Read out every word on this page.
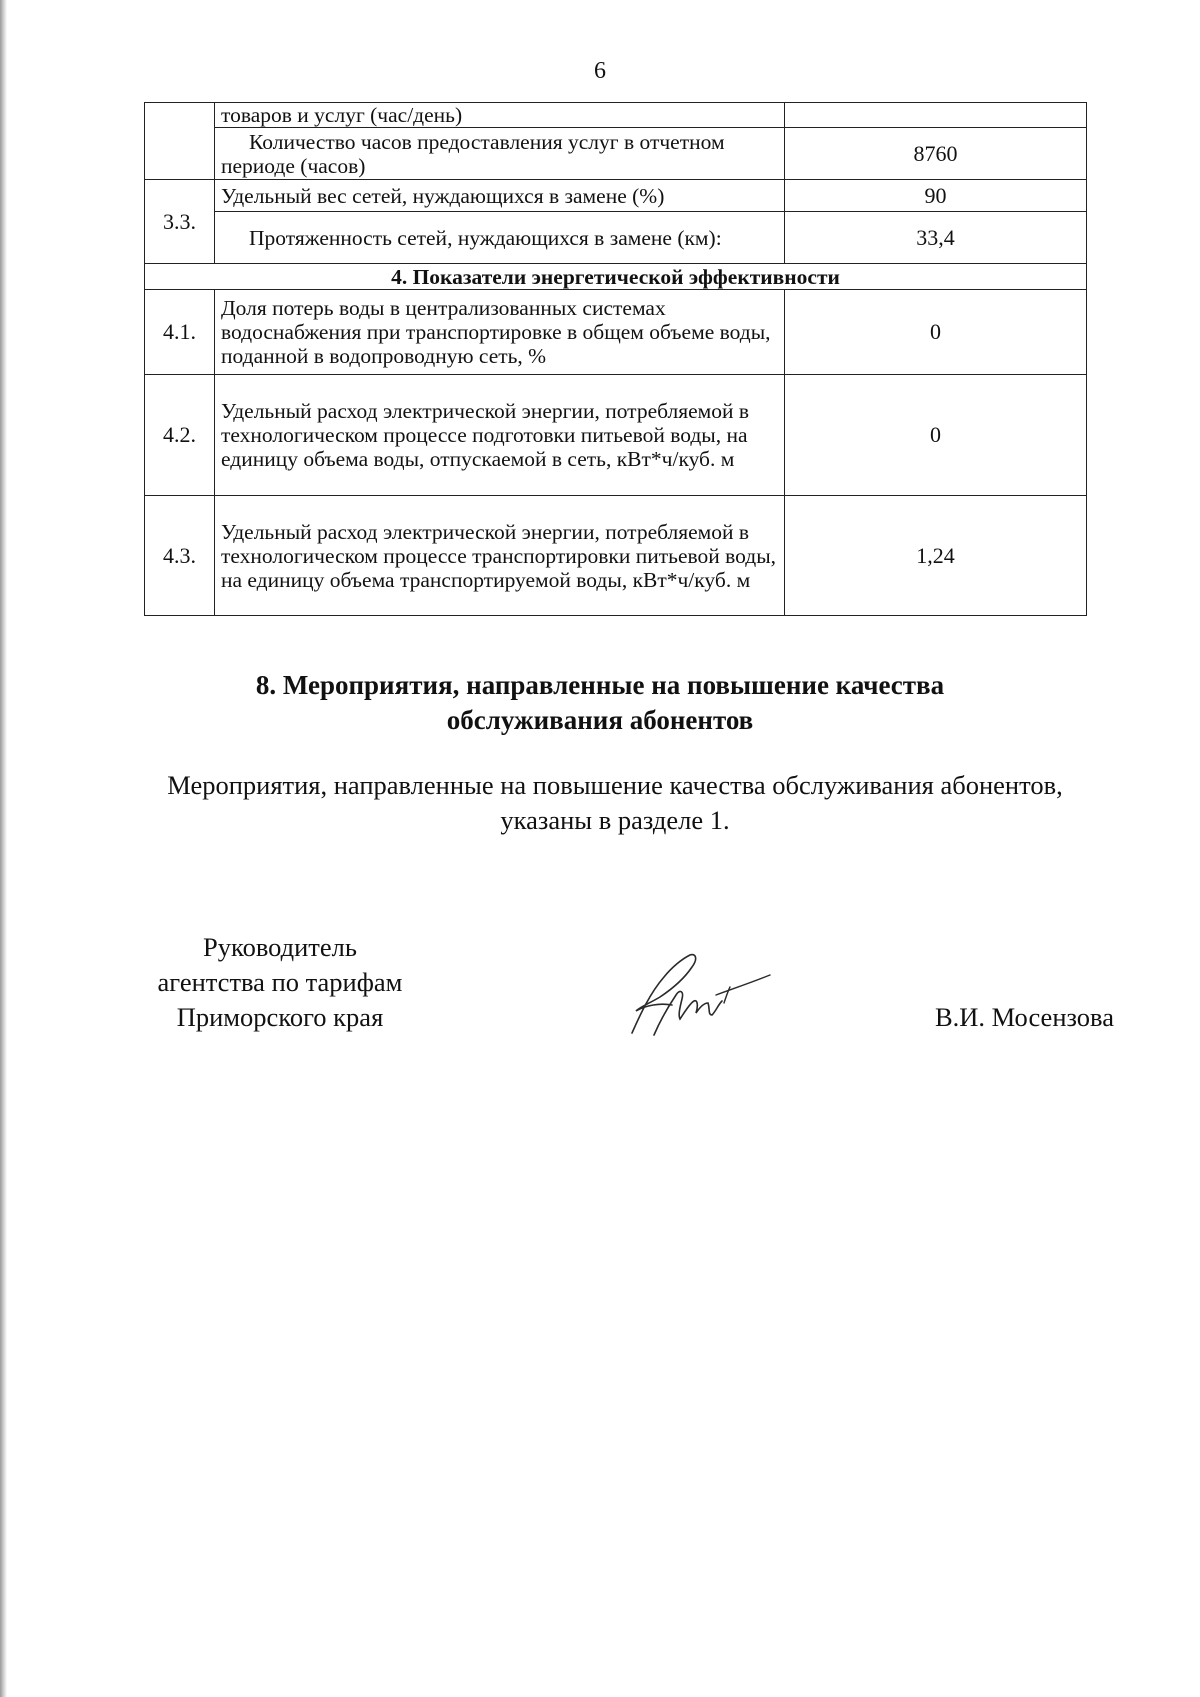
6
	товаров и услуг (час/день)	
	Количество часов предоставления услуг в отчетном периоде (часов)	8760
3.3.	Удельный вес сетей, нуждающихся в замене (%)	90
	Протяженность сетей, нуждающихся в замене (км):	33,4
4. Показатели энергетической эффективности		
4.1.	Доля потерь воды в централизованных системах водоснабжения при транспортировке в общем объеме воды, поданной в водопроводную сеть, %	0
4.2.	Удельный расход электрической энергии, потребляемой в технологическом процессе подготовки питьевой воды, на единицу объема воды, отпускаемой в сеть, кВт*ч/куб. м	0
4.3.	Удельный расход электрической энергии, потребляемой в технологическом процессе транспортировки питьевой воды, на единицу объема транспортируемой воды, кВт*ч/куб. м	1,24
8. Мероприятия, направленные на повышение качества
обслуживания абонентов
Мероприятия, направленные на повышение качества обслуживания абонентов,
указаны в разделе 1.
Руководитель
агентства по тарифам
Приморского края	В.И. Мосензова
